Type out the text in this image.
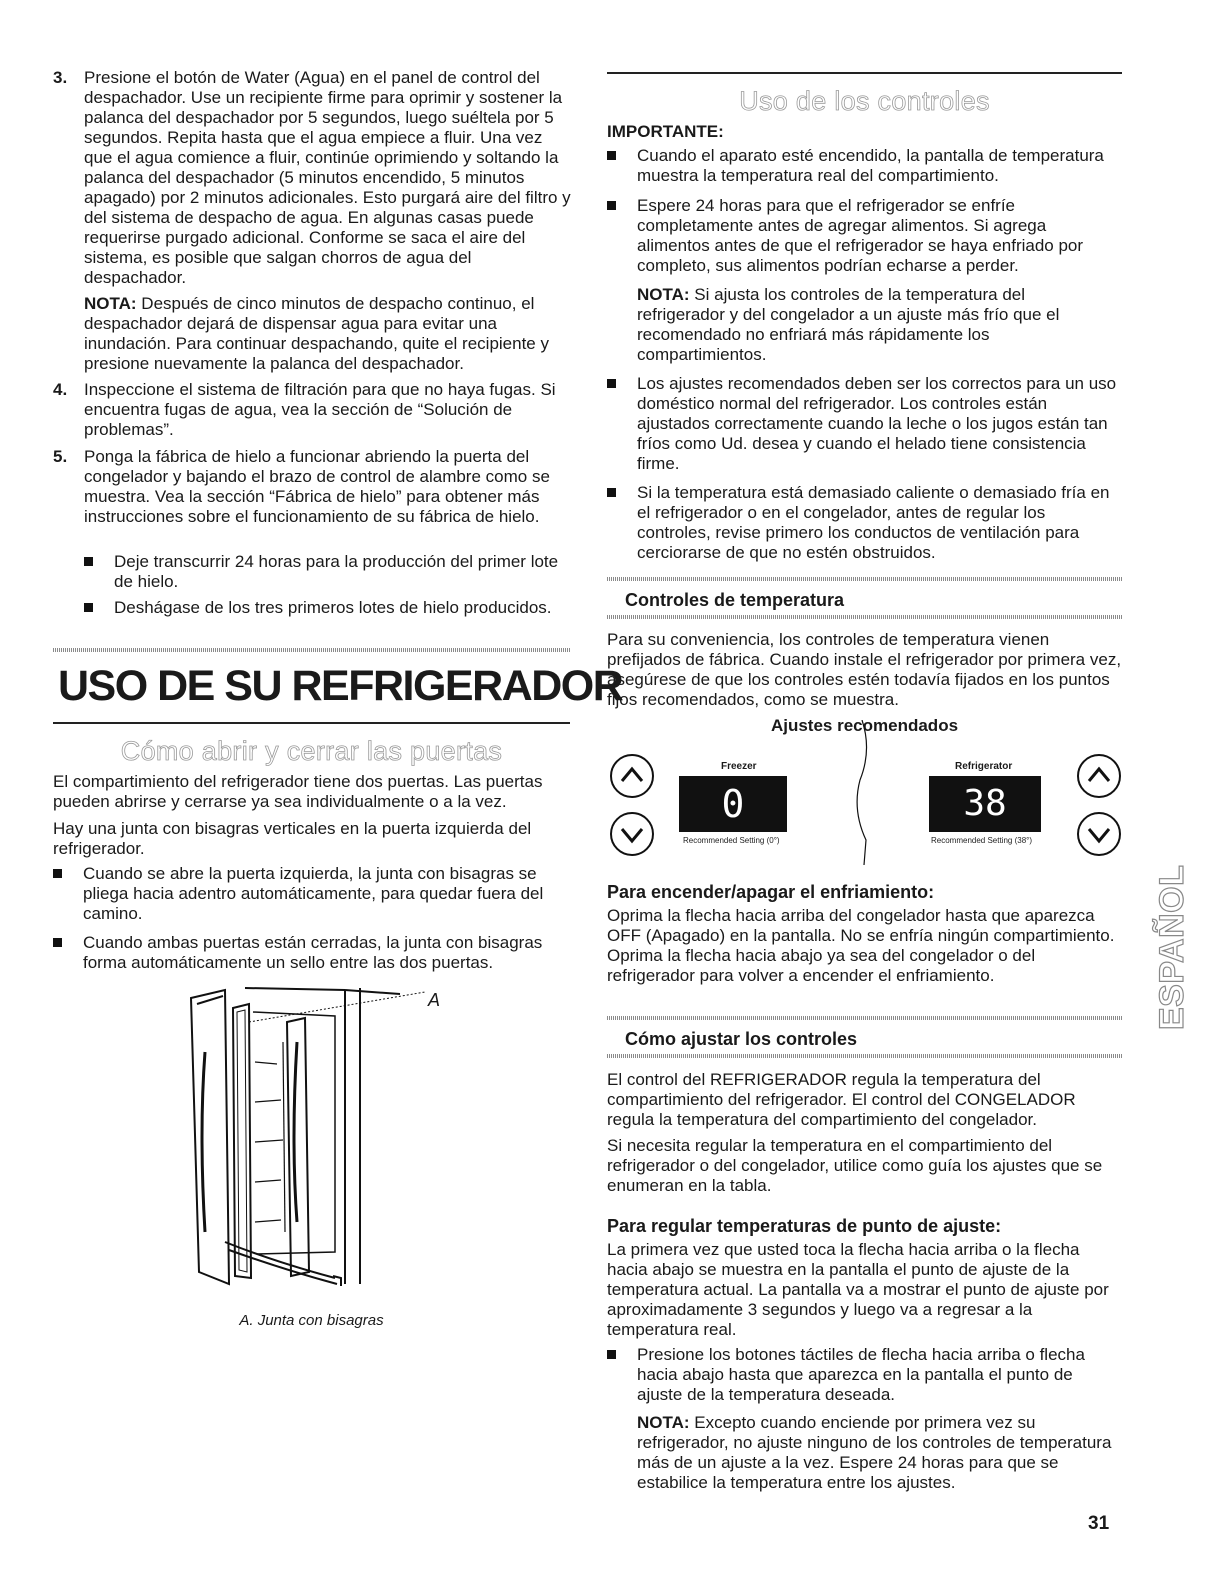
3. Presione el botón de Water (Agua) en el panel de control del despachador. Use un recipiente firme para oprimir y sostener la palanca del despachador por 5 segundos, luego suéltela por 5 segundos. Repita hasta que el agua empiece a fluir. Una vez que el agua comience a fluir, continúe oprimiendo y soltando la palanca del despachador (5 minutos encendido, 5 minutos apagado) por 2 minutos adicionales. Esto purgará aire del filtro y del sistema de despacho de agua. En algunas casas puede requerirse purgado adicional. Conforme se saca el aire del sistema, es posible que salgan chorros de agua del despachador.

NOTA: Después de cinco minutos de despacho continuo, el despachador dejará de dispensar agua para evitar una inundación. Para continuar despachando, quite el recipiente y presione nuevamente la palanca del despachador.

4. Inspeccione el sistema de filtración para que no haya fugas. Si encuentra fugas de agua, vea la sección de “Solución de problemas”.

5. Ponga la fábrica de hielo a funcionar abriendo la puerta del congelador y bajando el brazo de control de alambre como se muestra. Vea la sección “Fábrica de hielo” para obtener más instrucciones sobre el funcionamiento de su fábrica de hielo.

Deje transcurrir 24 horas para la producción del primer lote de hielo.

Deshágase de los tres primeros lotes de hielo producidos.

USO DE SU REFRIGERADOR
Cómo abrir y cerrar las puertas
El compartimiento del refrigerador tiene dos puertas. Las puertas pueden abrirse y cerrarse ya sea individualmente o a la vez.
Hay una junta con bisagras verticales en la puerta izquierda del refrigerador.

Cuando se abre la puerta izquierda, la junta con bisagras se pliega hacia adentro automáticamente, para quedar fuera del camino.

Cuando ambas puertas están cerradas, la junta con bisagras forma automáticamente un sello entre las dos puertas.

A
A. Junta con bisagras
Uso de los controles
IMPORTANTE:

Cuando el aparato esté encendido, la pantalla de temperatura muestra la temperatura real del compartimiento.

Espere 24 horas para que el refrigerador se enfríe completamente antes de agregar alimentos. Si agrega alimentos antes de que el refrigerador se haya enfriado por completo, sus alimentos podrían echarse a perder.

NOTA: Si ajusta los controles de la temperatura del refrigerador y del congelador a un ajuste más frío que el recomendado no enfriará más rápidamente los compartimientos.

Los ajustes recomendados deben ser los correctos para un uso doméstico normal del refrigerador. Los controles están ajustados correctamente cuando la leche o los jugos están tan fríos como Ud. desea y cuando el helado tiene consistencia firme.

Si la temperatura está demasiado caliente o demasiado fría en el refrigerador o en el congelador, antes de regular los controles, revise primero los conductos de ventilación para cerciorarse de que no estén obstruidos.

Controles de temperatura
Para su conveniencia, los controles de temperatura vienen prefijados de fábrica. Cuando instale el refrigerador por primera vez, asegúrese de que los controles estén todavía fijados en los puntos fijos recomendados, como se muestra.
Ajustes recomendados
Freezer
0
Recommended Setting (0°)
Refrigerator
38
Recommended Setting (38°)
Para encender/apagar el enfriamiento:
Oprima la flecha hacia arriba del congelador hasta que aparezca OFF (Apagado) en la pantalla. No se enfría ningún compartimiento. Oprima la flecha hacia abajo ya sea del congelador o del refrigerador para volver a encender el enfriamiento.
Cómo ajustar los controles
El control del REFRIGERADOR regula la temperatura del compartimiento del refrigerador. El control del CONGELADOR regula la temperatura del compartimiento del congelador.
Si necesita regular la temperatura en el compartimiento del refrigerador o del congelador, utilice como guía los ajustes que se enumeran en la tabla.
Para regular temperaturas de punto de ajuste:
La primera vez que usted toca la flecha hacia arriba o la flecha hacia abajo se muestra en la pantalla el punto de ajuste de la temperatura actual. La pantalla va a mostrar el punto de ajuste por aproximadamente 3 segundos y luego va a regresar a la temperatura real.

Presione los botones táctiles de flecha hacia arriba o flecha hacia abajo hasta que aparezca en la pantalla el punto de ajuste de la temperatura deseada.

NOTA: Excepto cuando enciende por primera vez su refrigerador, no ajuste ninguno de los controles de temperatura más de un ajuste a la vez. Espere 24 horas para que se estabilice la temperatura entre los ajustes.
ESPAÑOL
31
